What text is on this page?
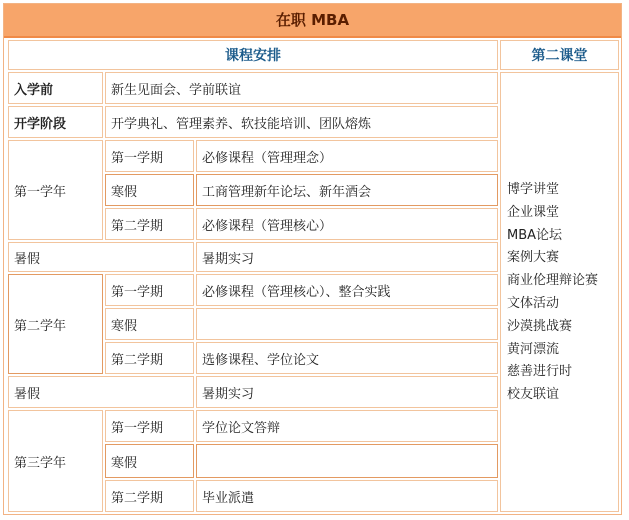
在职 MBA
课程安排	第二课堂
入学前	新生见面会、学前联谊
开学阶段	开学典礼、管理素养、软技能培训、团队熔炼
第一学年
第一学期	必修课程（管理理念）
寒假	工商管理新年论坛、新年酒会
第二学期	必修课程（管理核心）
暑假	暑期实习
第二学年
第一学期	必修课程（管理核心）、整合实践
寒假
第二学期	选修课程、学位论文
暑假	暑期实习
第三学年
第一学期	学位论文答辩
寒假
第二学期	毕业派遣
博学讲堂
企业课堂
MBA论坛
案例大赛
商业伦理辩论赛
文体活动
沙漠挑战赛
黄河漂流
慈善进行时
校友联谊
